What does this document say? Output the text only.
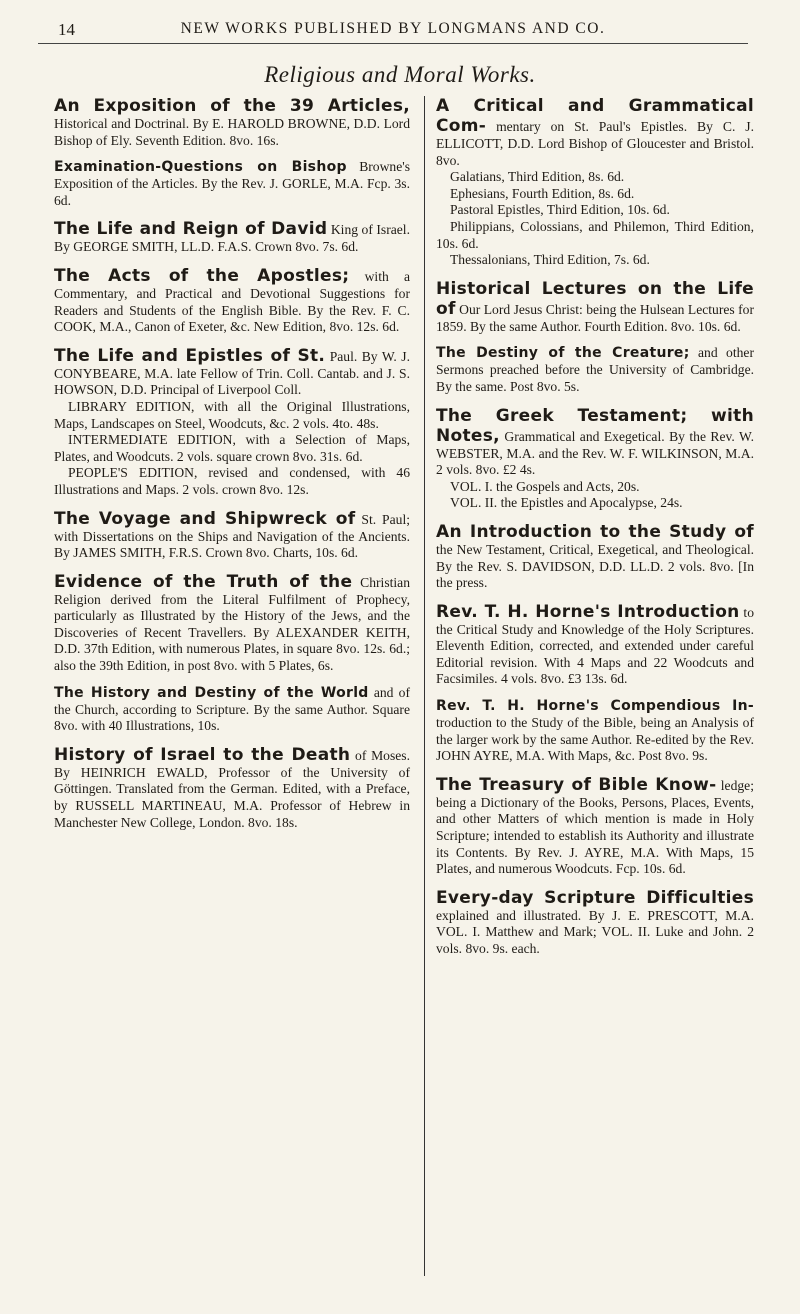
14	NEW WORKS PUBLISHED BY LONGMANS AND CO.
Religious and Moral Works.

An Exposition of the 39 Articles, Historical and Doctrinal. By E. HAROLD BROWNE, D.D. Lord Bishop of Ely. Seventh Edition. 8vo. 16s.

Examination-Questions on Bishop Browne's Exposition of the Articles. By the Rev. J. GORLE, M.A. Fcp. 3s. 6d.

The Life and Reign of David King of Israel. By GEORGE SMITH, LL.D. F.A.S. Crown 8vo. 7s. 6d.

The Acts of the Apostles; with a Commentary, and Practical and Devotional Suggestions for Readers and Students of the English Bible. By the Rev. F. C. COOK, M.A., Canon of Exeter, &c. New Edition, 8vo. 12s. 6d.

The Life and Epistles of St. Paul. By W. J. CONYBEARE, M.A. late Fellow of Trin. Coll. Cantab. and J. S. HOWSON, D.D. Principal of Liverpool Coll.

LIBRARY EDITION, with all the Original Illustrations, Maps, Landscapes on Steel, Woodcuts, &c. 2 vols. 4to. 48s.

INTERMEDIATE EDITION, with a Selection of Maps, Plates, and Woodcuts. 2 vols. square crown 8vo. 31s. 6d.

PEOPLE'S EDITION, revised and condensed, with 46 Illustrations and Maps. 2 vols. crown 8vo. 12s.

The Voyage and Shipwreck of St. Paul; with Dissertations on the Ships and Navigation of the Ancients. By JAMES SMITH, F.R.S. Crown 8vo. Charts, 10s. 6d.

Evidence of the Truth of the Christian Religion derived from the Literal Fulfilment of Prophecy, particularly as Illustrated by the History of the Jews, and the Discoveries of Recent Travellers. By ALEXANDER KEITH, D.D. 37th Edition, with numerous Plates, in square 8vo. 12s. 6d.; also the 39th Edition, in post 8vo. with 5 Plates, 6s.

The History and Destiny of the World and of the Church, according to Scripture. By the same Author. Square 8vo. with 40 Illustrations, 10s.

History of Israel to the Death of Moses. By HEINRICH EWALD, Professor of the University of Göttingen. Translated from the German. Edited, with a Preface, by RUSSELL MARTINEAU, M.A. Professor of Hebrew in Manchester New College, London. 8vo. 18s.

A Critical and Grammatical Com- mentary on St. Paul's Epistles. By C. J. ELLICOTT, D.D. Lord Bishop of Gloucester and Bristol. 8vo.

Galatians, Third Edition, 8s. 6d.

Ephesians, Fourth Edition, 8s. 6d.

Pastoral Epistles, Third Edition, 10s. 6d.

Philippians, Colossians, and Philemon, Third Edition, 10s. 6d.

Thessalonians, Third Edition, 7s. 6d.

Historical Lectures on the Life of Our Lord Jesus Christ: being the Hulsean Lectures for 1859. By the same Author. Fourth Edition. 8vo. 10s. 6d.

The Destiny of the Creature; and other Sermons preached before the University of Cambridge. By the same. Post 8vo. 5s.

The Greek Testament; with Notes, Grammatical and Exegetical. By the Rev. W. WEBSTER, M.A. and the Rev. W. F. WILKINSON, M.A. 2 vols. 8vo. £2 4s.

VOL. I. the Gospels and Acts, 20s.

VOL. II. the Epistles and Apocalypse, 24s.

An Introduction to the Study of the New Testament, Critical, Exegetical, and Theological. By the Rev. S. DAVIDSON, D.D. LL.D. 2 vols. 8vo. [In the press.

Rev. T. H. Horne's Introduction to the Critical Study and Knowledge of the Holy Scriptures. Eleventh Edition, corrected, and extended under careful Editorial revision. With 4 Maps and 22 Woodcuts and Facsimiles. 4 vols. 8vo. £3 13s. 6d.

Rev. T. H. Horne's Compendious In- troduction to the Study of the Bible, being an Analysis of the larger work by the same Author. Re-edited by the Rev. JOHN AYRE, M.A. With Maps, &c. Post 8vo. 9s.

The Treasury of Bible Know- ledge; being a Dictionary of the Books, Persons, Places, Events, and other Matters of which mention is made in Holy Scripture; intended to establish its Authority and illustrate its Contents. By Rev. J. AYRE, M.A. With Maps, 15 Plates, and numerous Woodcuts. Fcp. 10s. 6d.

Every-day Scripture Difficulties explained and illustrated. By J. E. PRESCOTT, M.A. VOL. I. Matthew and Mark; VOL. II. Luke and John. 2 vols. 8vo. 9s. each.
